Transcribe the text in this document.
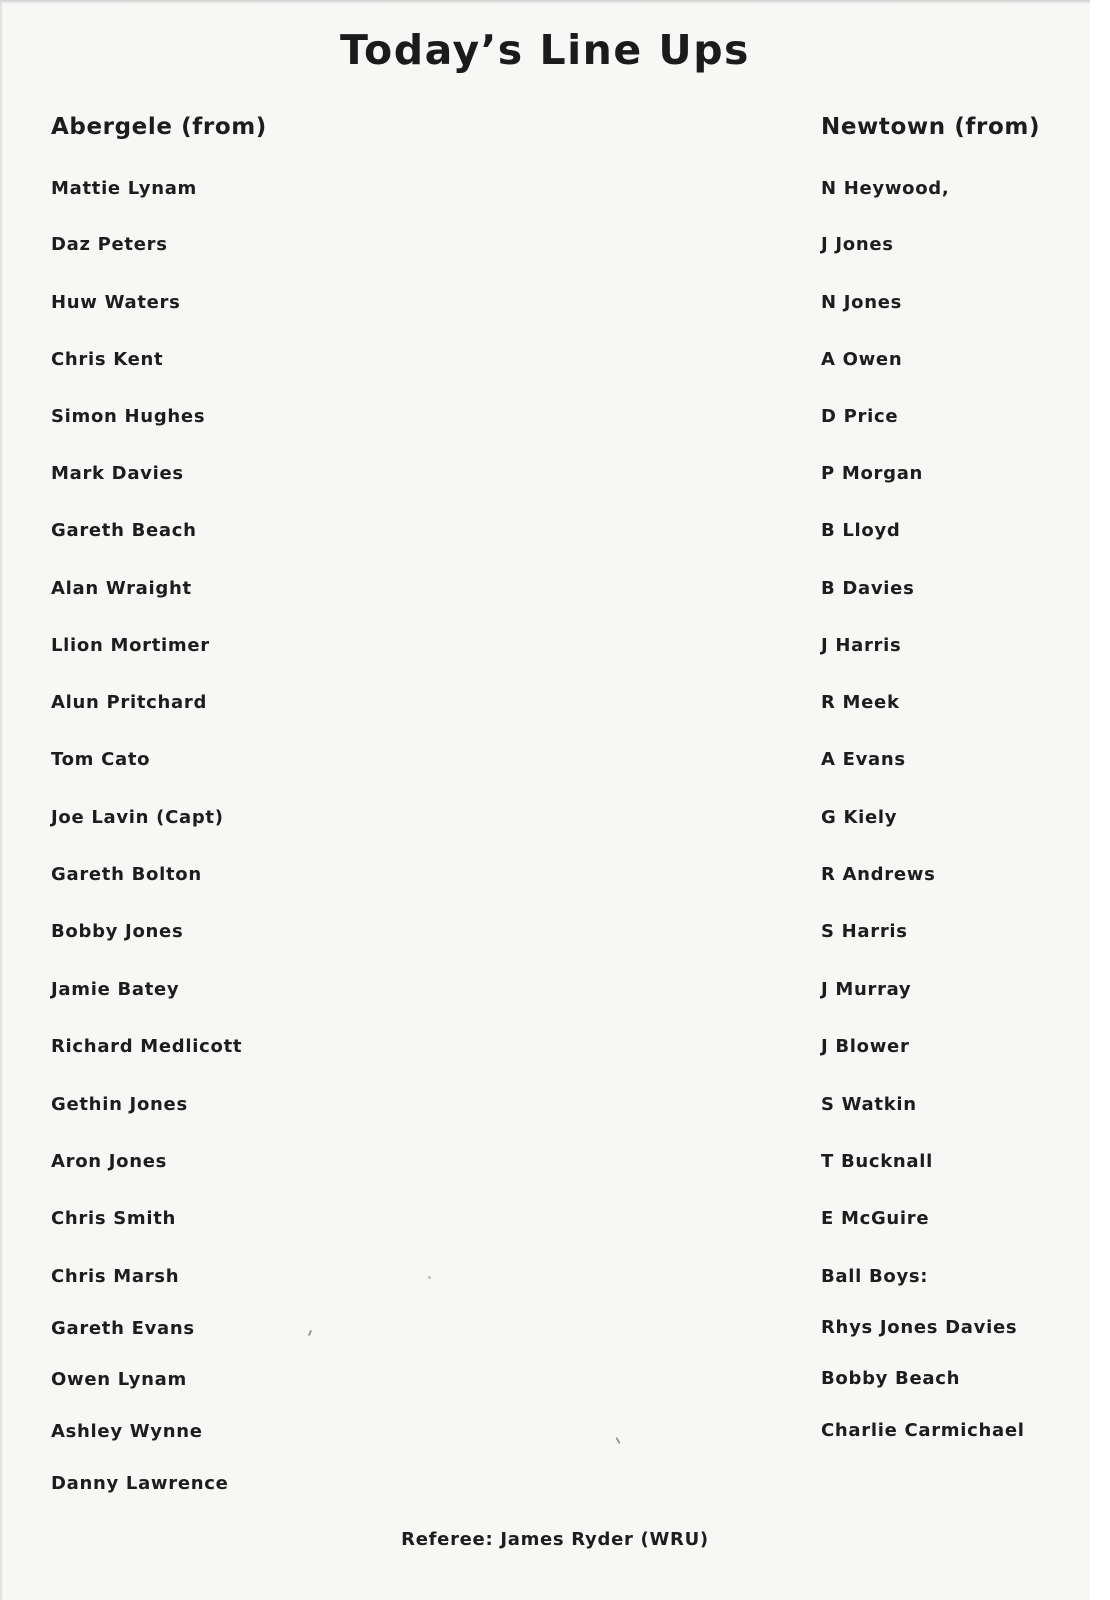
Today’s Line Ups
Abergele (from)
Mattie Lynam
Daz Peters
Huw Waters
Chris Kent
Simon Hughes
Mark Davies
Gareth Beach
Alan Wraight
Llion Mortimer
Alun Pritchard
Tom Cato
Joe Lavin (Capt)
Gareth Bolton
Bobby Jones
Jamie Batey
Richard Medlicott
Gethin Jones
Aron Jones
Chris Smith
Chris Marsh
Gareth Evans
Owen Lynam
Ashley Wynne
Danny Lawrence
Newtown (from)
N Heywood,
J Jones
N Jones
A Owen
D Price
P Morgan
B Lloyd
B Davies
J Harris
R Meek
A Evans
G Kiely
R Andrews
S Harris
J Murray
J Blower
S Watkin
T Bucknall
E McGuire
Ball Boys:
Rhys Jones Davies
Bobby Beach
Charlie Carmichael
Referee: James Ryder (WRU)
